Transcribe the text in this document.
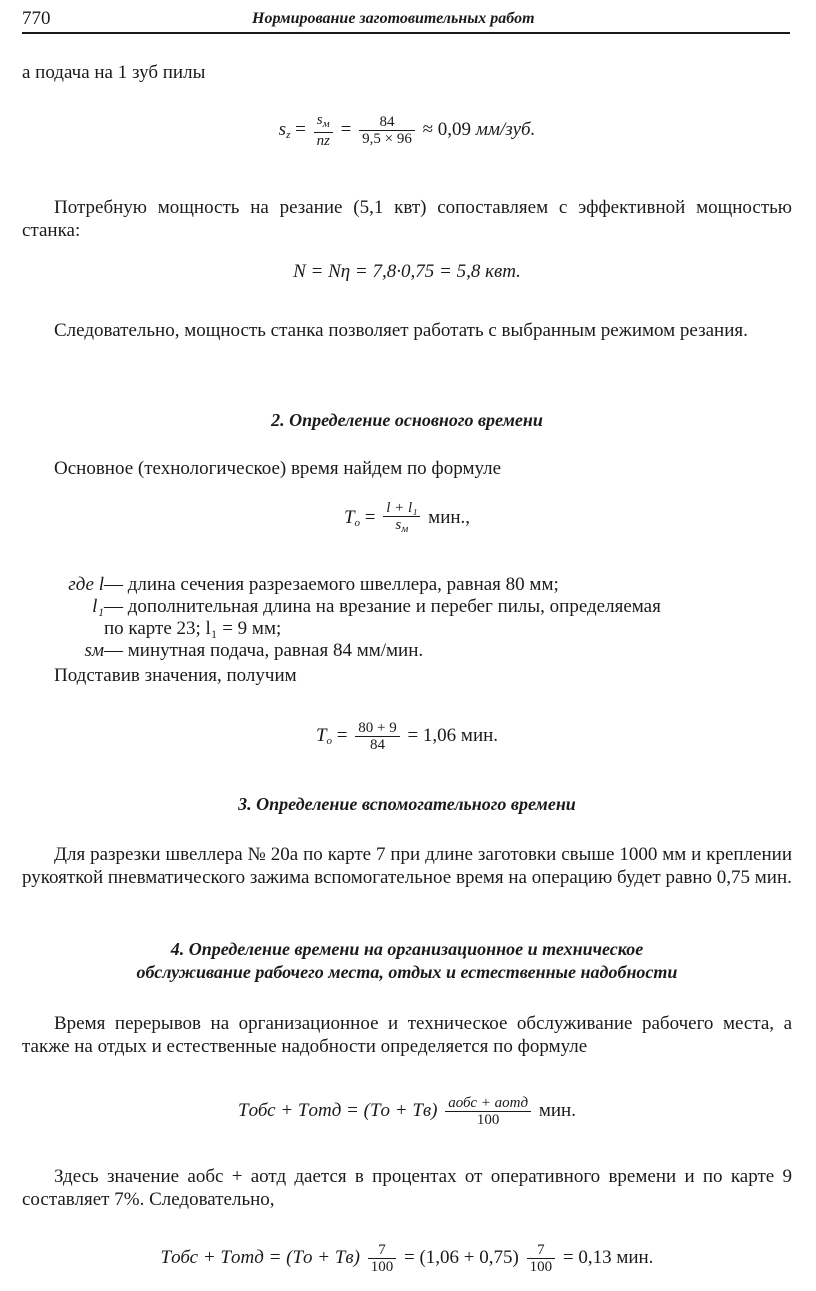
770	Нормирование заготовительных работ
а подача на 1 зуб пилы
$s_z = \frac{s_м}{nz} = \frac{84}{9,5 \times 96} \approx 0,09$ мм/зуб.
Потребную мощность на резание (5,1 квт) сопоставляем с эффективной мощностью станка:
N = Nη = 7,8·0,75 = 5,8 квт.
Следовательно, мощность станка позволяет работать с выбранным режимом резания.
2. Определение основного времени
Основное (технологическое) время найдем по формуле
$T_о = \frac{\text{l + l₁}}{s_м}$ мин.,
где l— длина сечения разрезаемого швеллера, равная 80 мм;
l₁— дополнительная длина на врезание и перебег пилы, определяемая
по карте 23; l₁ = 9 мм;
sм— минутная подача, равная 84 мм/мин.
Подставив значения, получим
$T_о = \frac{80 + 9}{84} = 1,06$ мин.
3. Определение вспомогательного времени
Для разрезки швеллера № 20а по карте 7 при длине заготовки свыше 1000 мм и креплении рукояткой пневматического зажима вспомогательное время на операцию будет равно 0,75 мин.
4. Определение времени на организационное и техническое
обслуживание рабочего места, отдых и естественные надобности
Время перерывов на организационное и техническое обслуживание рабочего места, а также на отдых и естественные надобности определяется по формуле
Tобс + Tотд = $(Tо + Tв) \frac{\text{aобс + aотд}}{100}$ мин.
Здесь значение aобс + aотд дается в процентах от оперативного времени и по карте 9 составляет 7%. Следовательно,
Tобс + Tотд = $(Tо + Tв) \frac{7}{100} = (1,06 + 0,75) \frac{7}{100} = 0,13$ мин.
